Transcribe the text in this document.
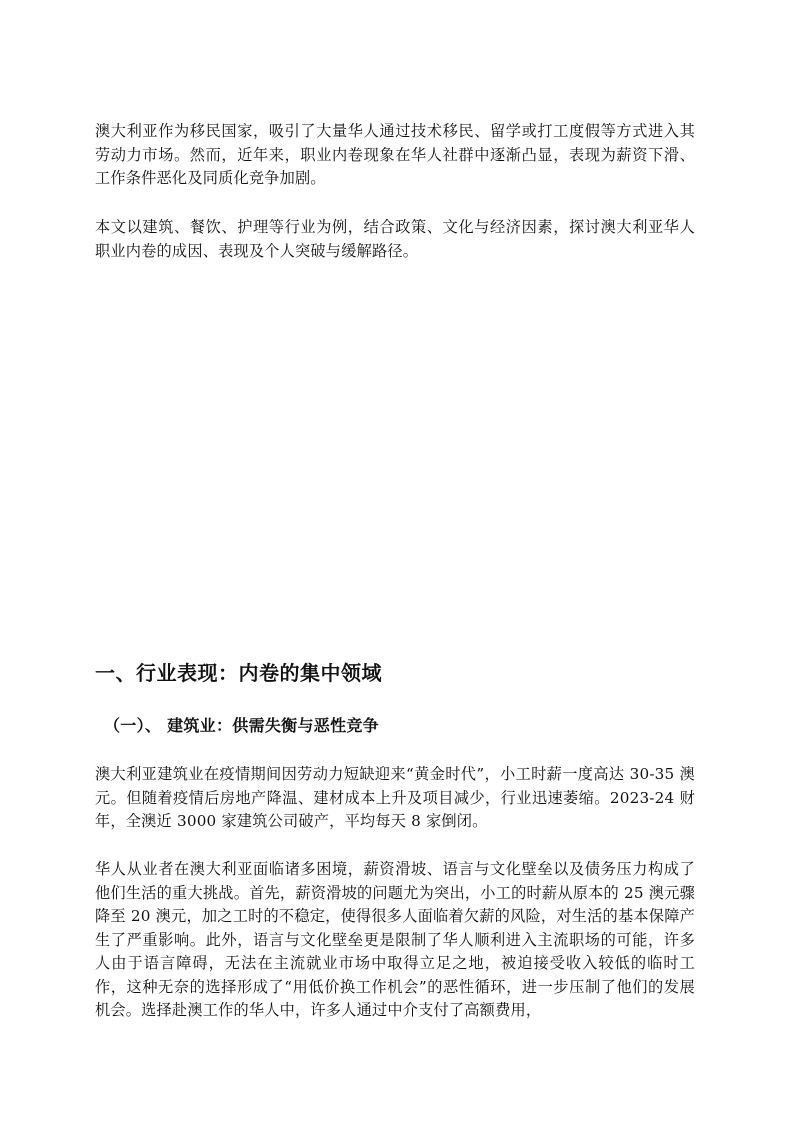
澳大利亚作为移民国家，吸引了大量华人通过技术移民、留学或打工度假等方式进入其劳动力市场。然而，近年来，职业内卷现象在华人社群中逐渐凸显，表现为薪资下滑、工作条件恶化及同质化竞争加剧。

本文以建筑、餐饮、护理等行业为例，结合政策、文化与经济因素，探讨澳大利亚华人职业内卷的成因、表现及个人突破与缓解路径。

一、行业表现：内卷的集中领域
（一）、 建筑业：供需失衡与恶性竞争

澳大利亚建筑业在疫情期间因劳动力短缺迎来“黄金时代”，小工时薪一度高达 30-35 澳元。但随着疫情后房地产降温、建材成本上升及项目减少，行业迅速萎缩。2023-24 财年，全澳近 3000 家建筑公司破产，平均每天 8 家倒闭。

华人从业者在澳大利亚面临诸多困境，薪资滑坡、语言与文化壁垒以及债务压力构成了他们生活的重大挑战。首先，薪资滑坡的问题尤为突出，小工的时薪从原本的 25 澳元骤降至 20 澳元，加之工时的不稳定，使得很多人面临着欠薪的风险，对生活的基本保障产生了严重影响。此外，语言与文化壁垒更是限制了华人顺利进入主流职场的可能，许多人由于语言障碍，无法在主流就业市场中取得立足之地，被迫接受收入较低的临时工作，这种无奈的选择形成了“用低价换工作机会”的恶性循环，进一步压制了他们的发展机会。选择赴澳工作的华人中，许多人通过中介支付了高额费用，
